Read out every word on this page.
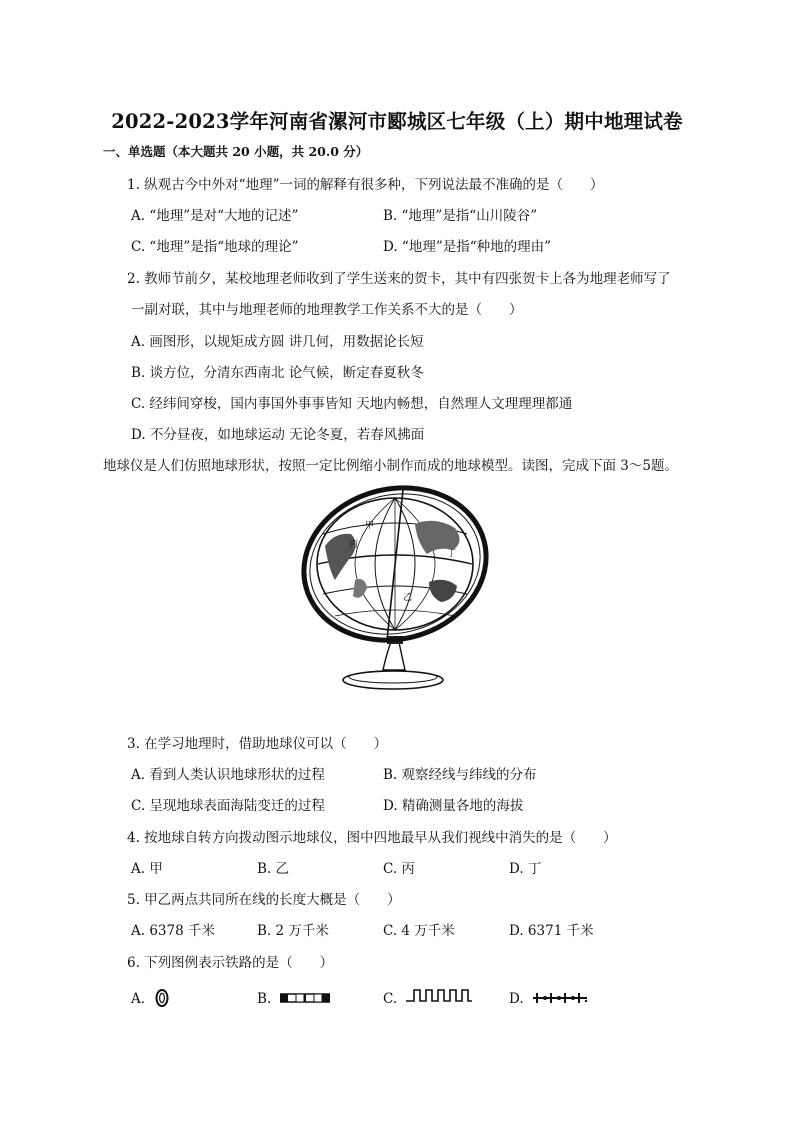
2022-2023学年河南省漯河市郾城区七年级（上）期中地理试卷
一、单选题（本大题共 20 小题，共 20.0 分）
1. 纵观古今中外对“地理”一词的解释有很多种，下列说法最不准确的是（　　）
A. “地理”是对“大地的记述”	B. “地理”是指“山川陵谷”
C. “地理”是指“地球的理论”	D. “地理”是指“种地的理由”
2. 教师节前夕，某校地理老师收到了学生送来的贺卡，其中有四张贺卡上各为地理老师写了
一副对联，其中与地理老师的地理教学工作关系不大的是（　　）
A. 画图形，以规矩成方圆 讲几何，用数据论长短
B. 谈方位，分清东西南北 论气候，断定春夏秋冬
C. 经纬间穿梭，国内事国外事事皆知 天地内畅想，自然理人文理理理都通
D. 不分昼夜，如地球运动 无论冬夏，若春风拂面
地球仪是人们仿照地球形状，按照一定比例缩小制作而成的地球模型。读图，完成下面 3～5题。
甲
丙
乙
丁
3. 在学习地理时，借助地球仪可以（　　）
A. 看到人类认识地球形状的过程	B. 观察经线与纬线的分布
C. 呈现地球表面海陆变迁的过程	D. 精确测量各地的海拔
4. 按地球自转方向拨动图示地球仪，图中四地最早从我们视线中消失的是（　　）
A. 甲	B. 乙	C. 丙	D. 丁
5. 甲乙两点共同所在线的长度大概是（　　）
A. 6378 千米	B. 2 万千米	C. 4 万千米	D. 6371 千米
6. 下列图例表示铁路的是（　　）
A.	B.	C.	D.
